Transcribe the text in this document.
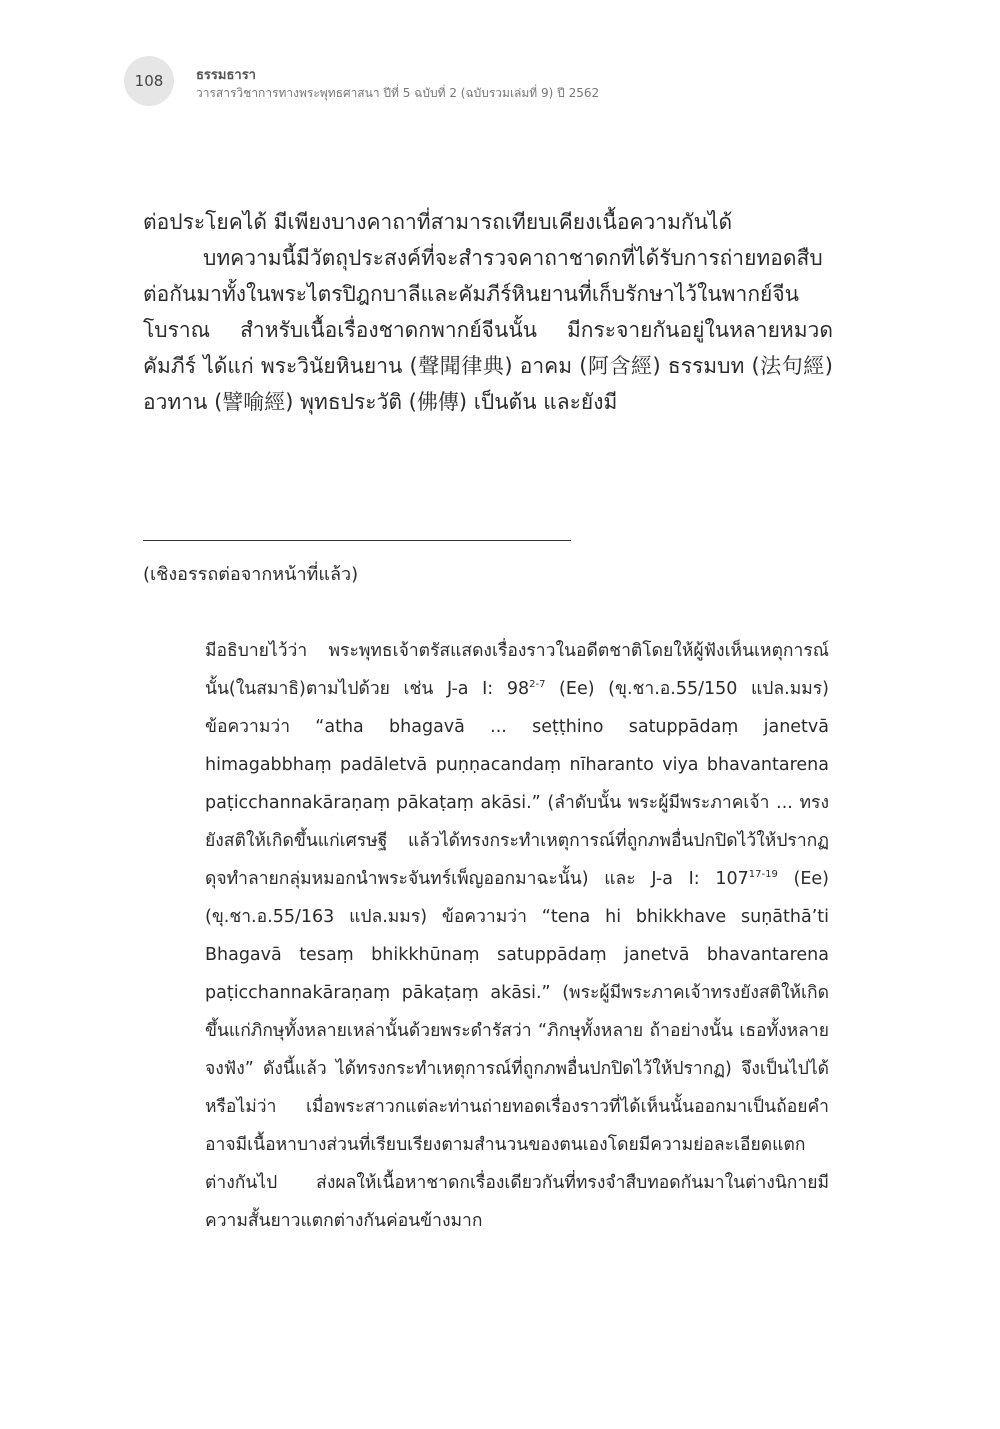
108	ธรรมธารา
วารสารวิชาการทางพระพุทธศาสนา ปีที่ 5 ฉบับที่ 2 (ฉบับรวมเล่มที่ 9) ปี 2562

ต่อประโยคได้ มีเพียงบางคาถาที่สามารถเทียบเคียงเนื้อความกันได้

บทความนี้มีวัตถุประสงค์ที่จะสำรวจคาถาชาดกที่ได้รับการถ่ายทอดสืบต่อกันมาทั้งในพระไตรปิฎกบาลีและคัมภีร์หินยานที่เก็บรักษาไว้ในพากย์จีนโบราณ สำหรับเนื้อเรื่องชาดกพากย์จีนนั้น มีกระจายกันอยู่ในหลายหมวดคัมภีร์ ได้แก่ พระวินัยหินยาน (聲聞律典) อาคม (阿含經) ธรรมบท (法句經) อวทาน (譬喻經) พุทธประวัติ (佛傳) เป็นต้น และยังมี

(เชิงอรรถต่อจากหน้าที่แล้ว)

มีอธิบายไว้ว่า พระพุทธเจ้าตรัสแสดงเรื่องราวในอดีตชาติโดยให้ผู้ฟังเห็นเหตุการณ์นั้น(ในสมาธิ)ตามไปด้วย เช่น J-a I: 98$^{2-7}$ (Ee) (ขุ.ชา.อ.55/150 แปล.มมร) ข้อความว่า “atha bhagavā ... seṭṭhino satuppādaṃ janetvā himagabbhaṃ padāletvā puṇṇacandaṃ nīharanto viya bhavantarena paṭicchannakāraṇaṃ pākaṭaṃ akāsi.” (ลำดับนั้น พระผู้มีพระภาคเจ้า ... ทรงยังสติให้เกิดขึ้นแก่เศรษฐี แล้วได้ทรงกระทำเหตุการณ์ที่ถูกภพอื่นปกปิดไว้ให้ปรากฏ ดุจทำลายกลุ่มหมอกนำพระจันทร์เพ็ญออกมาฉะนั้น) และ J-a I: 107$^{17-19}$ (Ee) (ขุ.ชา.อ.55/163 แปล.มมร) ข้อความว่า “tena hi bhikkhave suṇāthā’ti Bhagavā tesaṃ bhikkhūnaṃ satuppādaṃ janetvā bhavantarena paṭicchannakāraṇaṃ pākaṭaṃ akāsi.” (พระผู้มีพระภาคเจ้าทรงยังสติให้เกิดขึ้นแก่ภิกษุทั้งหลายเหล่านั้นด้วยพระดำรัสว่า “ภิกษุทั้งหลาย ถ้าอย่างนั้น เธอทั้งหลายจงฟัง” ดังนี้แล้ว ได้ทรงกระทำเหตุการณ์ที่ถูกภพอื่นปกปิดไว้ให้ปรากฏ) จึงเป็นไปได้หรือไม่ว่า เมื่อพระสาวกแต่ละท่านถ่ายทอดเรื่องราวที่ได้เห็นนั้นออกมาเป็นถ้อยคำ อาจมีเนื้อหาบางส่วนที่เรียบเรียงตามสำนวนของตนเองโดยมีความย่อละเอียดแตกต่างกันไป ส่งผลให้เนื้อหาชาดกเรื่องเดียวกันที่ทรงจำสืบทอดกันมาในต่างนิกายมีความสั้นยาวแตกต่างกันค่อนข้างมาก
